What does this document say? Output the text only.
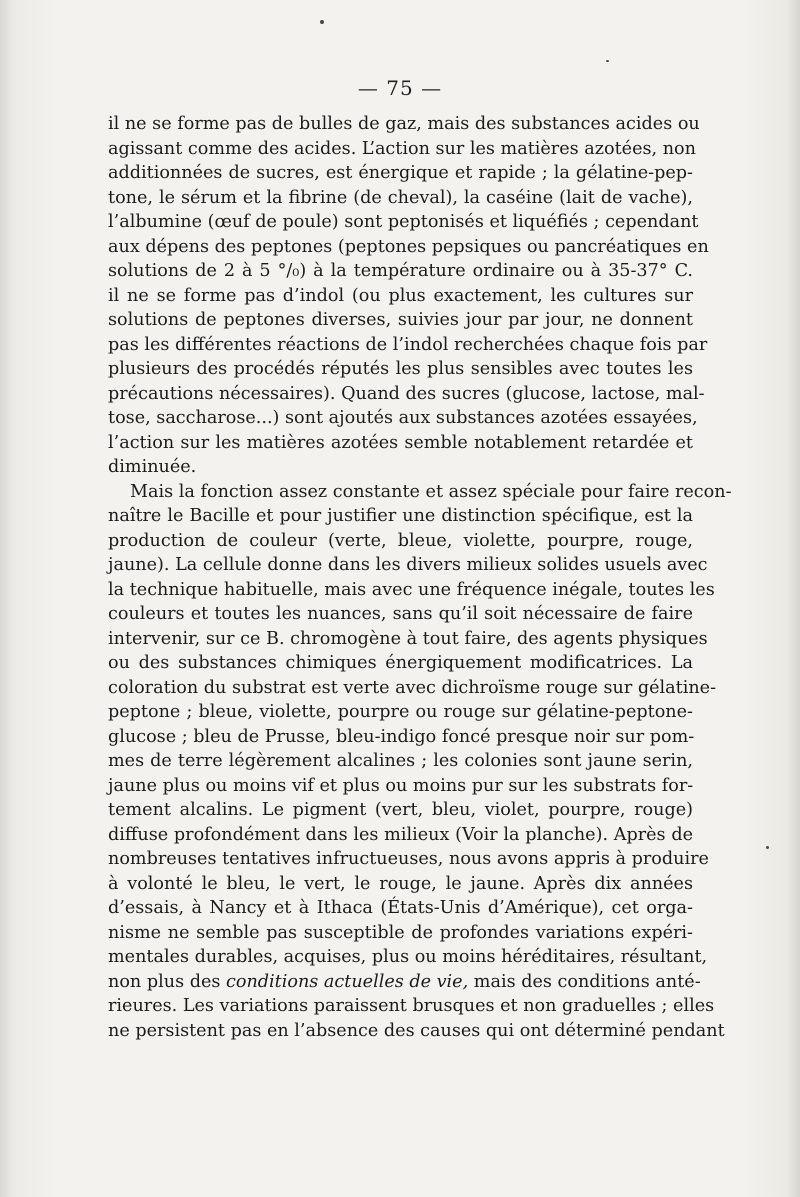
— 75 —
il ne se forme pas de bulles de gaz, mais des substances acides ou
agissant comme des acides. L’action sur les matières azotées, non
additionnées de sucres, est énergique et rapide ; la gélatine-pep-
tone, le sérum et la fibrine (de cheval), la caséine (lait de vache),
l’albumine (œuf de poule) sont peptonisés et liquéfiés ; cependant
aux dépens des peptones (peptones pepsiques ou pancréatiques en
solutions de 2 à 5 °/₀) à la température ordinaire ou à 35-37° C.
il ne se forme pas d’indol (ou plus exactement, les cultures sur
solutions de peptones diverses, suivies jour par jour, ne donnent
pas les différentes réactions de l’indol recherchées chaque fois par
plusieurs des procédés réputés les plus sensibles avec toutes les
précautions nécessaires). Quand des sucres (glucose, lactose, mal-
tose, saccharose...) sont ajoutés aux substances azotées essayées,
l’action sur les matières azotées semble notablement retardée et
diminuée.
Mais la fonction assez constante et assez spéciale pour faire recon-
naître le Bacille et pour justifier une distinction spécifique, est la
production de couleur (verte, bleue, violette, pourpre, rouge,
jaune). La cellule donne dans les divers milieux solides usuels avec
la technique habituelle, mais avec une fréquence inégale, toutes les
couleurs et toutes les nuances, sans qu’il soit nécessaire de faire
intervenir, sur ce B. chromogène à tout faire, des agents physiques
ou des substances chimiques énergiquement modificatrices. La
coloration du substrat est verte avec dichroïsme rouge sur gélatine-
peptone ; bleue, violette, pourpre ou rouge sur gélatine-peptone-
glucose ; bleu de Prusse, bleu-indigo foncé presque noir sur pom-
mes de terre légèrement alcalines ; les colonies sont jaune serin,
jaune plus ou moins vif et plus ou moins pur sur les substrats for-
tement alcalins. Le pigment (vert, bleu, violet, pourpre, rouge)
diffuse profondément dans les milieux (Voir la planche). Après de
nombreuses tentatives infructueuses, nous avons appris à produire
à volonté le bleu, le vert, le rouge, le jaune. Après dix années
d’essais, à Nancy et à Ithaca (États-Unis d’Amérique), cet orga-
nisme ne semble pas susceptible de profondes variations expéri-
mentales durables, acquises, plus ou moins héréditaires, résultant,
non plus des conditions actuelles de vie, mais des conditions anté-
rieures. Les variations paraissent brusques et non graduelles ; elles
ne persistent pas en l’absence des causes qui ont déterminé pendant
